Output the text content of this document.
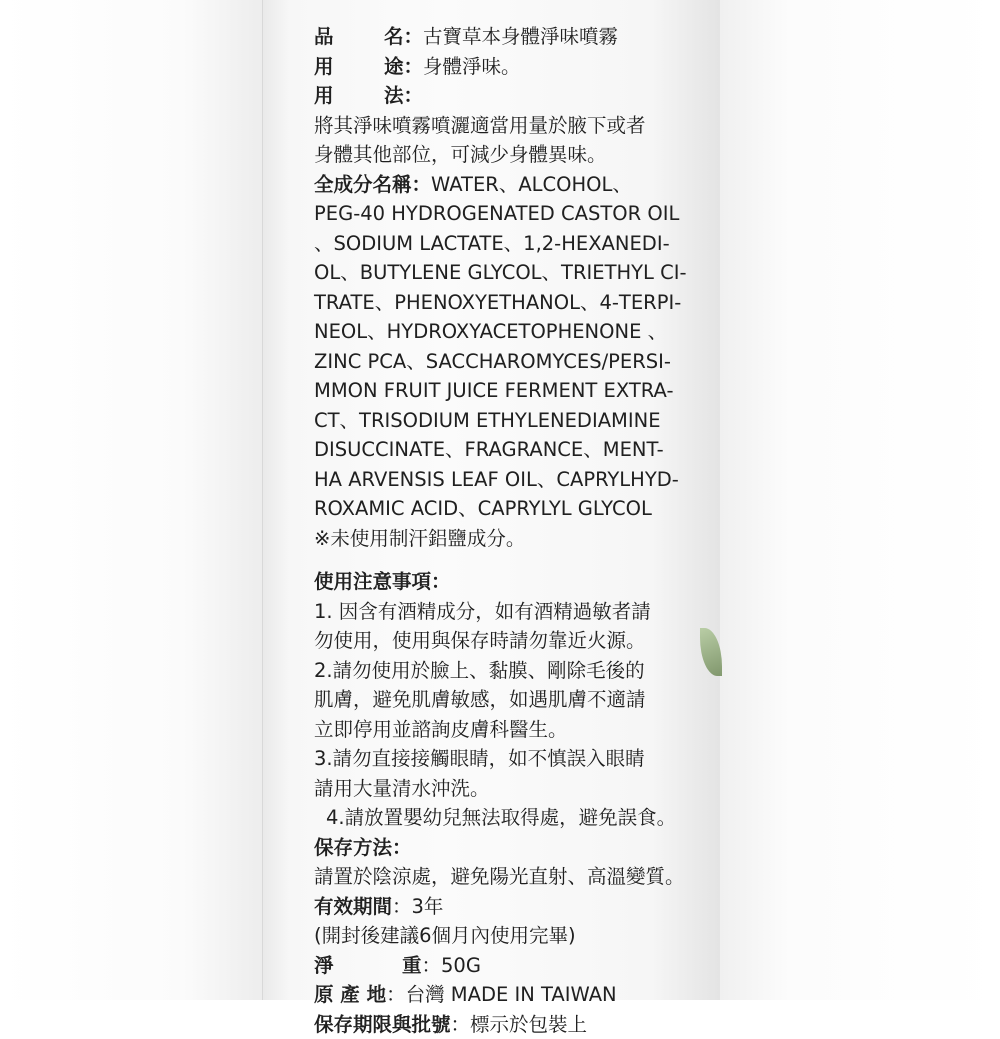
品	名：古寶草本身體淨味噴霧
用	途：身體淨味。
用	法：
將其淨味噴霧噴灑適當用量於腋下或者
身體其他部位，可減少身體異味。
全成分名稱：WATER、ALCOHOL、
PEG-40 HYDROGENATED CASTOR OIL
、SODIUM LACTATE、1,2-HEXANEDI-
OL、BUTYLENE GLYCOL、TRIETHYL CI-
TRATE、PHENOXYETHANOL、4-TERPI-
NEOL、HYDROXYACETOPHENONE 、
ZINC PCA、SACCHAROMYCES/PERSI-
MMON FRUIT JUICE FERMENT EXTRA-
CT、TRISODIUM ETHYLENEDIAMINE
DISUCCINATE、FRAGRANCE、MENT-
HA ARVENSIS LEAF OIL、CAPRYLHYD-
ROXAMIC ACID、CAPRYLYL GLYCOL
※未使用制汗鋁鹽成分。
使用注意事項：
1. 因含有酒精成分，如有酒精過敏者請
勿使用，使用與保存時請勿靠近火源。
2.請勿使用於臉上、黏膜、剛除毛後的
肌膚，避免肌膚敏感，如遇肌膚不適請
立即停用並諮詢皮膚科醫生。
3.請勿直接接觸眼睛，如不慎誤入眼睛
請用大量清水沖洗。
4.請放置嬰幼兒無法取得處，避免誤食。
保存方法：
請置於陰涼處，避免陽光直射、高溫變質。
有效期間：3年
(開封後建議6個月內使用完畢)
淨	重：50G
原 產 地：台灣 MADE IN TAIWAN
保存期限與批號：標示於包裝上
